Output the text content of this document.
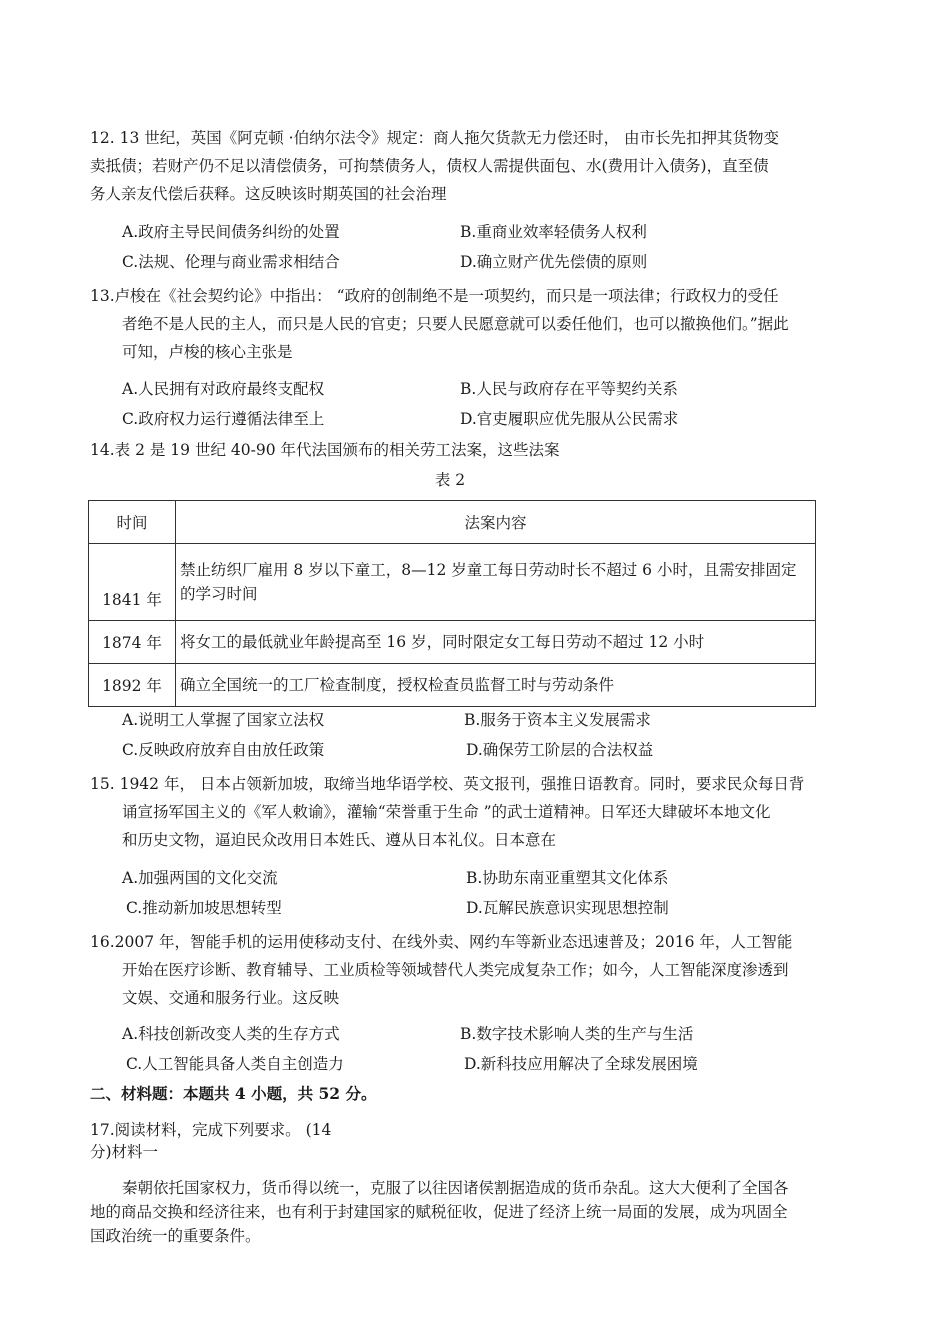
12. 13 世纪，英国《阿克顿 ·伯纳尔法令》规定：商人拖欠货款无力偿还时， 由市长先扣押其货物变
卖抵债；若财产仍不足以清偿债务，可拘禁债务人，债权人需提供面包、水(费用计入债务)，直至债
务人亲友代偿后获释。这反映该时期英国的社会治理
A.政府主导民间债务纠纷的处置	B.重商业效率轻债务人权利
C.法规、伦理与商业需求相结合	D.确立财产优先偿债的原则
13.卢梭在《社会契约论》中指出： “政府的创制绝不是一项契约，而只是一项法律；行政权力的受任
者绝不是人民的主人，而只是人民的官吏；只要人民愿意就可以委任他们，也可以撤换他们。”据此
可知，卢梭的核心主张是
A.人民拥有对政府最终支配权	B.人民与政府存在平等契约关系
C.政府权力运行遵循法律至上	D.官吏履职应优先服从公民需求
14.表 2 是 19 世纪 40-90 年代法国颁布的相关劳工法案，这些法案
表 2
时间	法案内容
1841 年	禁止纺织厂雇用 8 岁以下童工，8—12 岁童工每日劳动时长不超过 6 小时，且需安排固定的学习时间
1874 年	将女工的最低就业年龄提高至 16 岁，同时限定女工每日劳动不超过 12 小时
1892 年	确立全国统一的工厂检查制度，授权检查员监督工时与劳动条件
A.说明工人掌握了国家立法权	B.服务于资本主义发展需求
C.反映政府放弃自由放任政策	D.确保劳工阶层的合法权益
15. 1942 年， 日本占领新加坡，取缔当地华语学校、英文报刊，强推日语教育。同时，要求民众每日背
诵宣扬军国主义的《军人敕谕》，灌输“荣誉重于生命 ”的武士道精神。日军还大肆破坏本地文化
和历史文物，逼迫民众改用日本姓氏、遵从日本礼仪。日本意在
A.加强两国的文化交流	B.协助东南亚重塑其文化体系
C.推动新加坡思想转型	D.瓦解民族意识实现思想控制
16.2007 年，智能手机的运用使移动支付、在线外卖、网约车等新业态迅速普及；2016 年，人工智能
开始在医疗诊断、教育辅导、工业质检等领域替代人类完成复杂工作；如今，人工智能深度渗透到
文娱、交通和服务行业。这反映
A.科技创新改变人类的生存方式	B.数字技术影响人类的生产与生活
C.人工智能具备人类自主创造力	D.新科技应用解决了全球发展困境
二、材料题：本题共 4 小题，共 52 分。
17.阅读材料，完成下列要求。 (14
分)材料一
秦朝依托国家权力，货币得以统一，克服了以往因诸侯割据造成的货币杂乱。这大大便利了全国各
地的商品交换和经济往来，也有利于封建国家的赋税征收，促进了经济上统一局面的发展，成为巩固全
国政治统一的重要条件。
